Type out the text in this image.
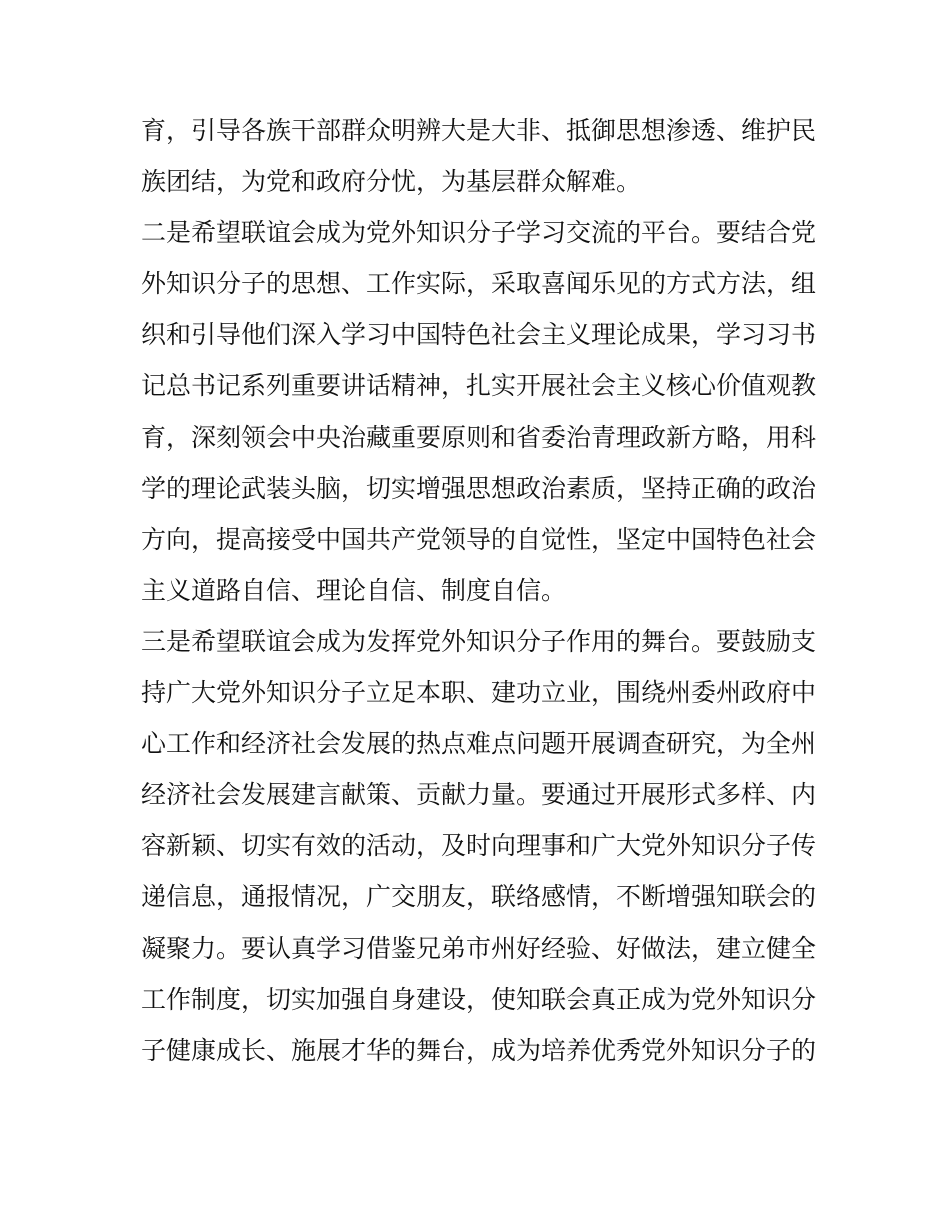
育，引导各族干部群众明辨大是大非、抵御思想渗透、维护民
族团结，为党和政府分忧，为基层群众解难。
二是希望联谊会成为党外知识分子学习交流的平台。要结合党
外知识分子的思想、工作实际，采取喜闻乐见的方式方法，组
织和引导他们深入学习中国特色社会主义理论成果，学习习书
记总书记系列重要讲话精神，扎实开展社会主义核心价值观教
育，深刻领会中央治藏重要原则和省委治青理政新方略，用科
学的理论武装头脑，切实增强思想政治素质，坚持正确的政治
方向，提高接受中国共产党领导的自觉性，坚定中国特色社会
主义道路自信、理论自信、制度自信。
三是希望联谊会成为发挥党外知识分子作用的舞台。要鼓励支
持广大党外知识分子立足本职、建功立业，围绕州委州政府中
心工作和经济社会发展的热点难点问题开展调查研究，为全州
经济社会发展建言献策、贡献力量。要通过开展形式多样、内
容新颖、切实有效的活动，及时向理事和广大党外知识分子传
递信息，通报情况，广交朋友，联络感情，不断增强知联会的
凝聚力。要认真学习借鉴兄弟市州好经验、好做法，建立健全
工作制度，切实加强自身建设，使知联会真正成为党外知识分
子健康成长、施展才华的舞台，成为培养优秀党外知识分子的
